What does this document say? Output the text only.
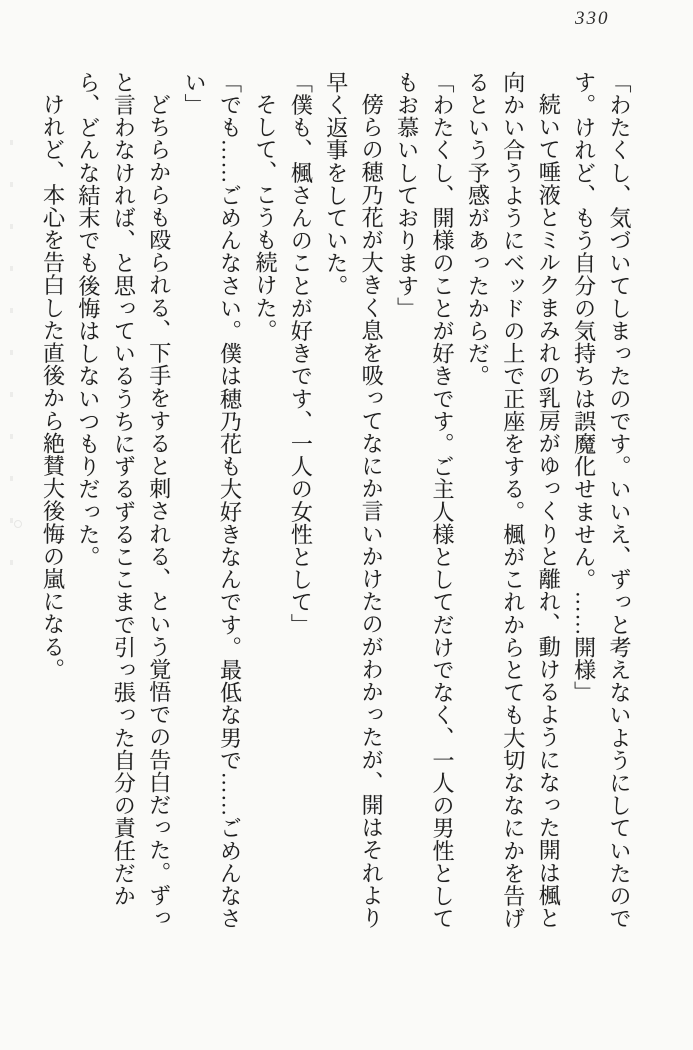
330

「わたくし、気づいてしまったのです。いいえ、ずっと考えないようにしていたのです。けれど、もう自分の気持ちは誤魔化せません。……開様」

続いて唾液とミルクまみれの乳房がゆっくりと離れ、動けるようになった開は楓と向かい合うようにベッドの上で正座をする。楓がこれからとても大切ななにかを告げるという予感があったからだ。

「わたくし、開様のことが好きです。ご主人様としてだけでなく、一人の男性としてもお慕いしております」

傍らの穂乃花が大きく息を吸ってなにか言いかけたのがわかったが、開はそれより早く返事をしていた。

「僕も、楓さんのことが好きです、一人の女性として」

そして、こうも続けた。

「でも……ごめんなさい。僕は穂乃花も大好きなんです。最低な男で……ごめんなさい」

どちらからも殴られる、下手をすると刺される、という覚悟での告白だった。ずっと言わなければ、と思っているうちにずるずるここまで引っ張った自分の責任だから、どんな結末でも後悔はしないつもりだった。

けれど、本心を告白した直後から絶賛大後悔の嵐になる。
